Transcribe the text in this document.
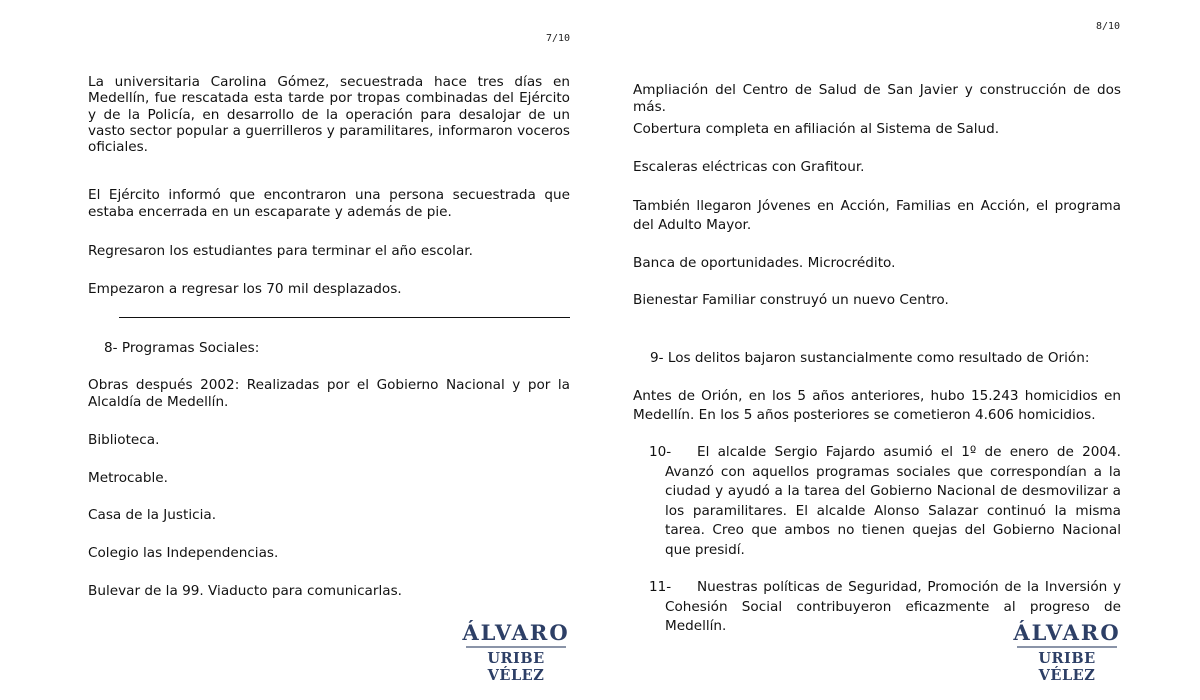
7/10

La universitaria Carolina Gómez, secuestrada hace tres días en Medellín, fue rescatada esta tarde por tropas combinadas del Ejército y de la Policía, en desarrollo de la operación para desalojar de un vasto sector popular a guerrilleros y paramilitares, informaron voceros oficiales.

El Ejército informó que encontraron una persona secuestrada que estaba encerrada en un escaparate y además de pie.

Regresaron los estudiantes para terminar el año escolar.

Empezaron a regresar los 70 mil desplazados.

8- Programas Sociales:

Obras después 2002: Realizadas por el Gobierno Nacional y por la Alcaldía de Medellín.

Biblioteca.

Metrocable.

Casa de la Justicia.

Colegio las Independencias.

Bulevar de la 99. Viaducto para comunicarlas.

ÁLVARO
URIBE VÉLEZ
8/10

Ampliación del Centro de Salud de San Javier y construcción de dos más.

Cobertura completa en afiliación al Sistema de Salud.

Escaleras eléctricas con Grafitour.

También llegaron Jóvenes en Acción, Familias en Acción, el programa del Adulto Mayor.

Banca de oportunidades. Microcrédito.

Bienestar Familiar construyó un nuevo Centro.

9- Los delitos bajaron sustancialmente como resultado de Orión:

Antes de Orión, en los 5 años anteriores, hubo 15.243 homicidios en Medellín. En los 5 años posteriores se cometieron 4.606 homicidios.

10- El alcalde Sergio Fajardo asumió el 1º de enero de 2004. Avanzó con aquellos programas sociales que correspondían a la ciudad y ayudó a la tarea del Gobierno Nacional de desmovilizar a los paramilitares. El alcalde Alonso Salazar continuó la misma tarea. Creo que ambos no tienen quejas del Gobierno Nacional que presidí.
11- Nuestras políticas de Seguridad, Promoción de la Inversión y Cohesión Social contribuyeron eficazmente al progreso de Medellín.	ÁLVARO
URIBE VÉLEZ
